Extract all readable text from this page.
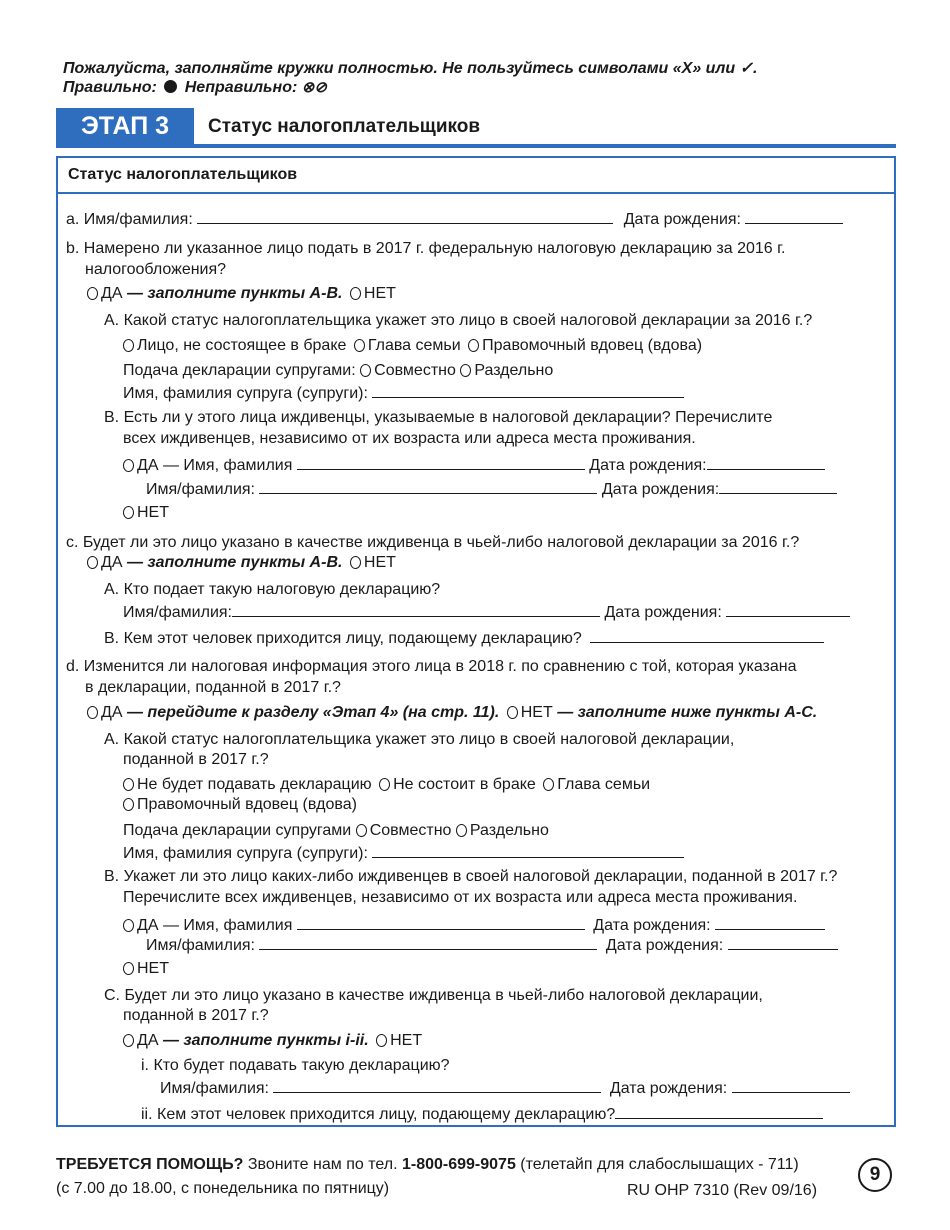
Пожалуйста, заполняйте кружки полностью. Не пользуйтесь символами «X» или ✓.
Правильно: Неправильно: ⊗⊘
ЭТАП 3	Статус налогоплательщиков
Статус налогоплательщиков
a. Имя/фамилия:	Дата рождения:
b. Намерено ли указанное лицо подать в 2017 г. федеральную налоговую декларацию за 2016 г.
налогообложения?
ДА — заполните пункты A-B. НЕТ
A. Какой статус налогоплательщика укажет это лицо в своей налоговой декларации за 2016 г.?
Лицо, не состоящее в браке Глава семьи Правомочный вдовец (вдова)
Подача декларации супругами: Совместно Раздельно
Имя, фамилия супруга (супруги):
B. Есть ли у этого лица иждивенцы, указываемые в налоговой декларации? Перечислите
всех иждивенцев, независимо от их возраста или адреса места проживания.
ДА — Имя, фамилия	Дата рождения:
Имя/фамилия:	Дата рождения:
НЕТ
c. Будет ли это лицо указано в качестве иждивенца в чьей-либо налоговой декларации за 2016 г.?
ДА — заполните пункты A-B. НЕТ
A. Кто подает такую налоговую декларацию?
Имя/фамилия:	Дата рождения:
B. Кем этот человек приходится лицу, подающему декларацию?
d. Изменится ли налоговая информация этого лица в 2018 г. по сравнению с той, которая указана
в декларации, поданной в 2017 г.?
ДА — перейдите к разделу «Этап 4» (на стр. 11). НЕТ — заполните ниже пункты A-C.
A. Какой статус налогоплательщика укажет это лицо в своей налоговой декларации,
поданной в 2017 г.?
Не будет подавать декларацию Не состоит в браке Глава семьи
Правомочный вдовец (вдова)
Подача декларации супругами Совместно Раздельно
Имя, фамилия супруга (супруги):
B. Укажет ли это лицо каких-либо иждивенцев в своей налоговой декларации, поданной в 2017 г.?
Перечислите всех иждивенцев, независимо от их возраста или адреса места проживания.
ДА — Имя, фамилия	Дата рождения:
Имя/фамилия:	Дата рождения:
НЕТ
C. Будет ли это лицо указано в качестве иждивенца в чьей-либо налоговой декларации,
поданной в 2017 г.?
ДА — заполните пункты i-ii. НЕТ
i. Кто будет подавать такую декларацию?
Имя/фамилия:	Дата рождения:
ii. Кем этот человек приходится лицу, подающему декларацию?
ТРЕБУЕТСЯ ПОМОЩЬ? Звоните нам по тел. 1-800-699-9075 (телетайп для слабослышащих - 711)
(с 7.00 до 18.00, с понедельника по пятницу)	RU OHP 7310 (Rev 09/16)
9
